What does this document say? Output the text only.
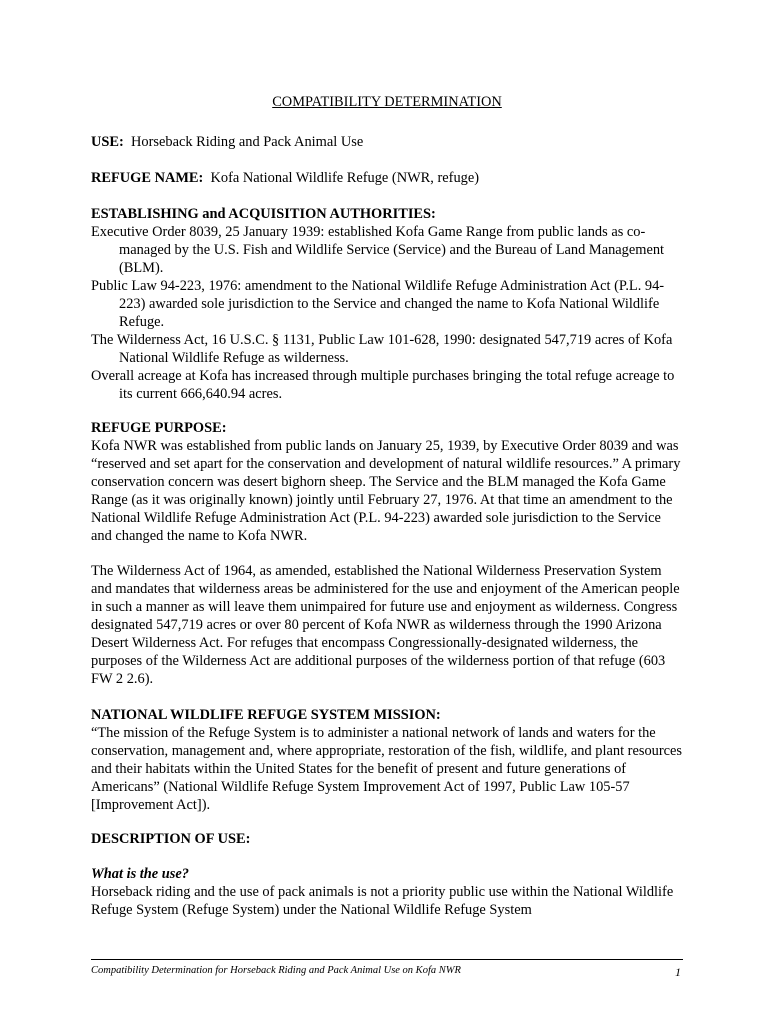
COMPATIBILITY DETERMINATION
USE: Horseback Riding and Pack Animal Use
REFUGE NAME: Kofa National Wildlife Refuge (NWR, refuge)

ESTABLISHING and ACQUISITION AUTHORITIES:

Executive Order 8039, 25 January 1939: established Kofa Game Range from public lands as co-managed by the U.S. Fish and Wildlife Service (Service) and the Bureau of Land Management (BLM).

Public Law 94-223, 1976: amendment to the National Wildlife Refuge Administration Act (P.L. 94-223) awarded sole jurisdiction to the Service and changed the name to Kofa National Wildlife Refuge.

The Wilderness Act, 16 U.S.C. § 1131, Public Law 101-628, 1990: designated 547,719 acres of Kofa National Wildlife Refuge as wilderness.

Overall acreage at Kofa has increased through multiple purchases bringing the total refuge acreage to its current 666,640.94 acres.

REFUGE PURPOSE:

Kofa NWR was established from public lands on January 25, 1939, by Executive Order 8039 and was “reserved and set apart for the conservation and development of natural wildlife resources.” A primary conservation concern was desert bighorn sheep. The Service and the BLM managed the Kofa Game Range (as it was originally known) jointly until February 27, 1976. At that time an amendment to the National Wildlife Refuge Administration Act (P.L. 94-223) awarded sole jurisdiction to the Service and changed the name to Kofa NWR.

The Wilderness Act of 1964, as amended, established the National Wilderness Preservation System and mandates that wilderness areas be administered for the use and enjoyment of the American people in such a manner as will leave them unimpaired for future use and enjoyment as wilderness. Congress designated 547,719 acres or over 80 percent of Kofa NWR as wilderness through the 1990 Arizona Desert Wilderness Act. For refuges that encompass Congressionally-designated wilderness, the purposes of the Wilderness Act are additional purposes of the wilderness portion of that refuge (603 FW 2 2.6).

NATIONAL WILDLIFE REFUGE SYSTEM MISSION:

“The mission of the Refuge System is to administer a national network of lands and waters for the conservation, management and, where appropriate, restoration of the fish, wildlife, and plant resources and their habitats within the United States for the benefit of present and future generations of Americans” (National Wildlife Refuge System Improvement Act of 1997, Public Law 105-57 [Improvement Act]).

DESCRIPTION OF USE:

What is the use?

Horseback riding and the use of pack animals is not a priority public use within the National Wildlife Refuge System (Refuge System) under the National Wildlife Refuge System

Compatibility Determination for Horseback Riding and Pack Animal Use on Kofa NWR	1
